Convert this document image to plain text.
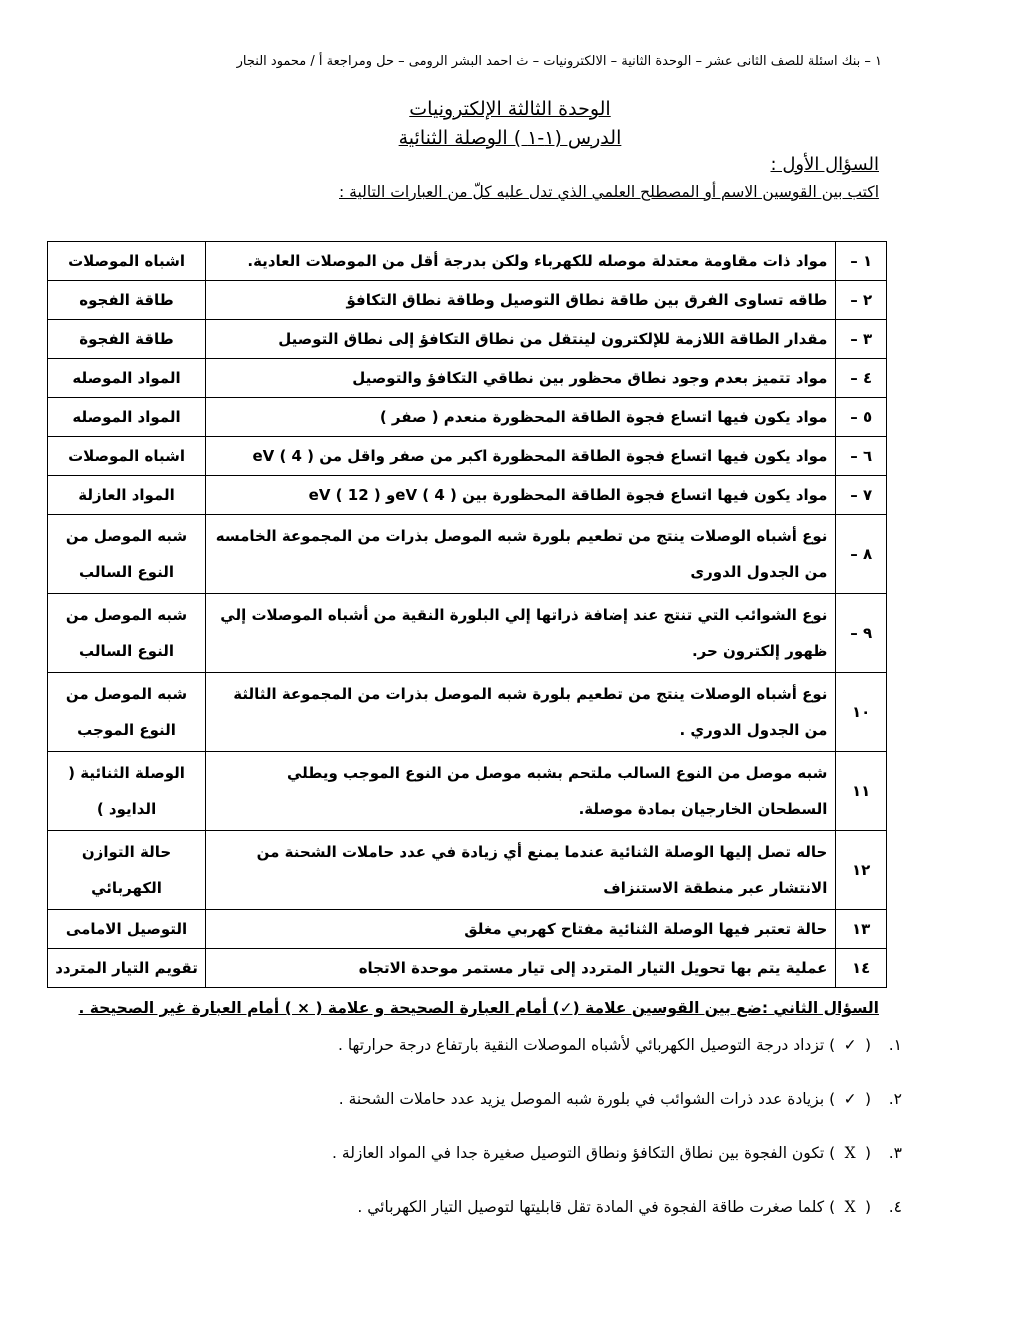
١ – بنك اسئلة للصف الثانى عشر – الوحدة الثانية – الالكترونيات – ث احمد البشر الرومى – حل ومراجعة أ / محمود النجار
الوحدة الثالثة الإلكترونيات
الدرس (١-١ ) الوصلة الثنائية
السؤال الأول :
اكتب بين القوسين الاسم أو المصطلح العلمي الذي تدل عليه كلّ من العبارات التالية :
١ –	مواد ذات مقاومة معتدلة موصله للكهرباء ولكن بدرجة أقل من الموصلات العادية.	اشباه الموصلات
٢ –	طاقه تساوى الفرق بين طاقة نطاق التوصيل وطاقة نطاق التكافؤ	طاقة الفجوه
٣ –	مقدار الطاقة اللازمة للإلكترون لينتقل من نطاق التكافؤ إلى نطاق التوصيل	طاقة الفجوة
٤ –	مواد تتميز بعدم وجود نطاق محظور بين نطاقي التكافؤ والتوصيل	المواد الموصله
٥ –	مواد يكون فيها اتساع فجوة الطاقة المحظورة منعدم ( صفر )	المواد الموصله
٦ –	مواد يكون فيها اتساع فجوة الطاقة المحظورة اكبر من صفر واقل من eV ( 4 )	اشباه الموصلات
٧ –	مواد يكون فيها اتساع فجوة الطاقة المحظورة بين eV ( 4 )و eV ( 12 )	المواد العازلة
٨ –	نوع أشباه الوصلات ينتج من تطعيم بلورة شبه الموصل بذرات من المجموعة الخامسه من الجدول الدورى	شبه الموصل من النوع السالب
٩ –	نوع الشوائب التي تنتج عند إضافة ذراتها إلي البلورة النقية من أشباه الموصلات إلي ظهور إلكترون حر.	شبه الموصل من النوع السالب
١٠	نوع أشباه الوصلات ينتج من تطعيم بلورة شبه الموصل بذرات من المجموعة الثالثة من الجدول الدوري .	شبه الموصل من النوع الموجب
١١	شبه موصل من النوع السالب ملتحم بشبه موصل من النوع الموجب ويطلي السطحان الخارجيان بمادة موصلة.	الوصلة الثنائية ( الدايود )
١٢	حاله تصل إليها الوصلة الثنائية عندما يمنع أي زيادة في عدد حاملات الشحنة من الانتشار عبر منطقة الاستنزاف	حالة التوازن الكهربائي
١٣	حالة تعتبر فيها الوصلة الثنائية مفتاح كهربي مغلق	التوصيل الامامى
١٤	عملية يتم بها تحويل التيار المتردد إلى تيار مستمر موحدة الاتجاه	تقويم التيار المتردد
السؤال الثاني :ضع بين القوسين علامة (✓) أمام العبارة الصحيحة و علامة ( × ) أمام العبارة غير الصحيحة .
١. ( ✓ ) تزداد درجة التوصيل الكهربائي لأشباه الموصلات النقية بارتفاع درجة حرارتها .
٢. ( ✓ ) بزيادة عدد ذرات الشوائب في بلورة شبه الموصل يزيد عدد حاملات الشحنة .
٣. ( X ) تكون الفجوة بين نطاق التكافؤ ونطاق التوصيل صغيرة جدا في المواد العازلة .
٤. ( X ) كلما صغرت طاقة الفجوة في المادة تقل قابليتها لتوصيل التيار الكهربائي .
